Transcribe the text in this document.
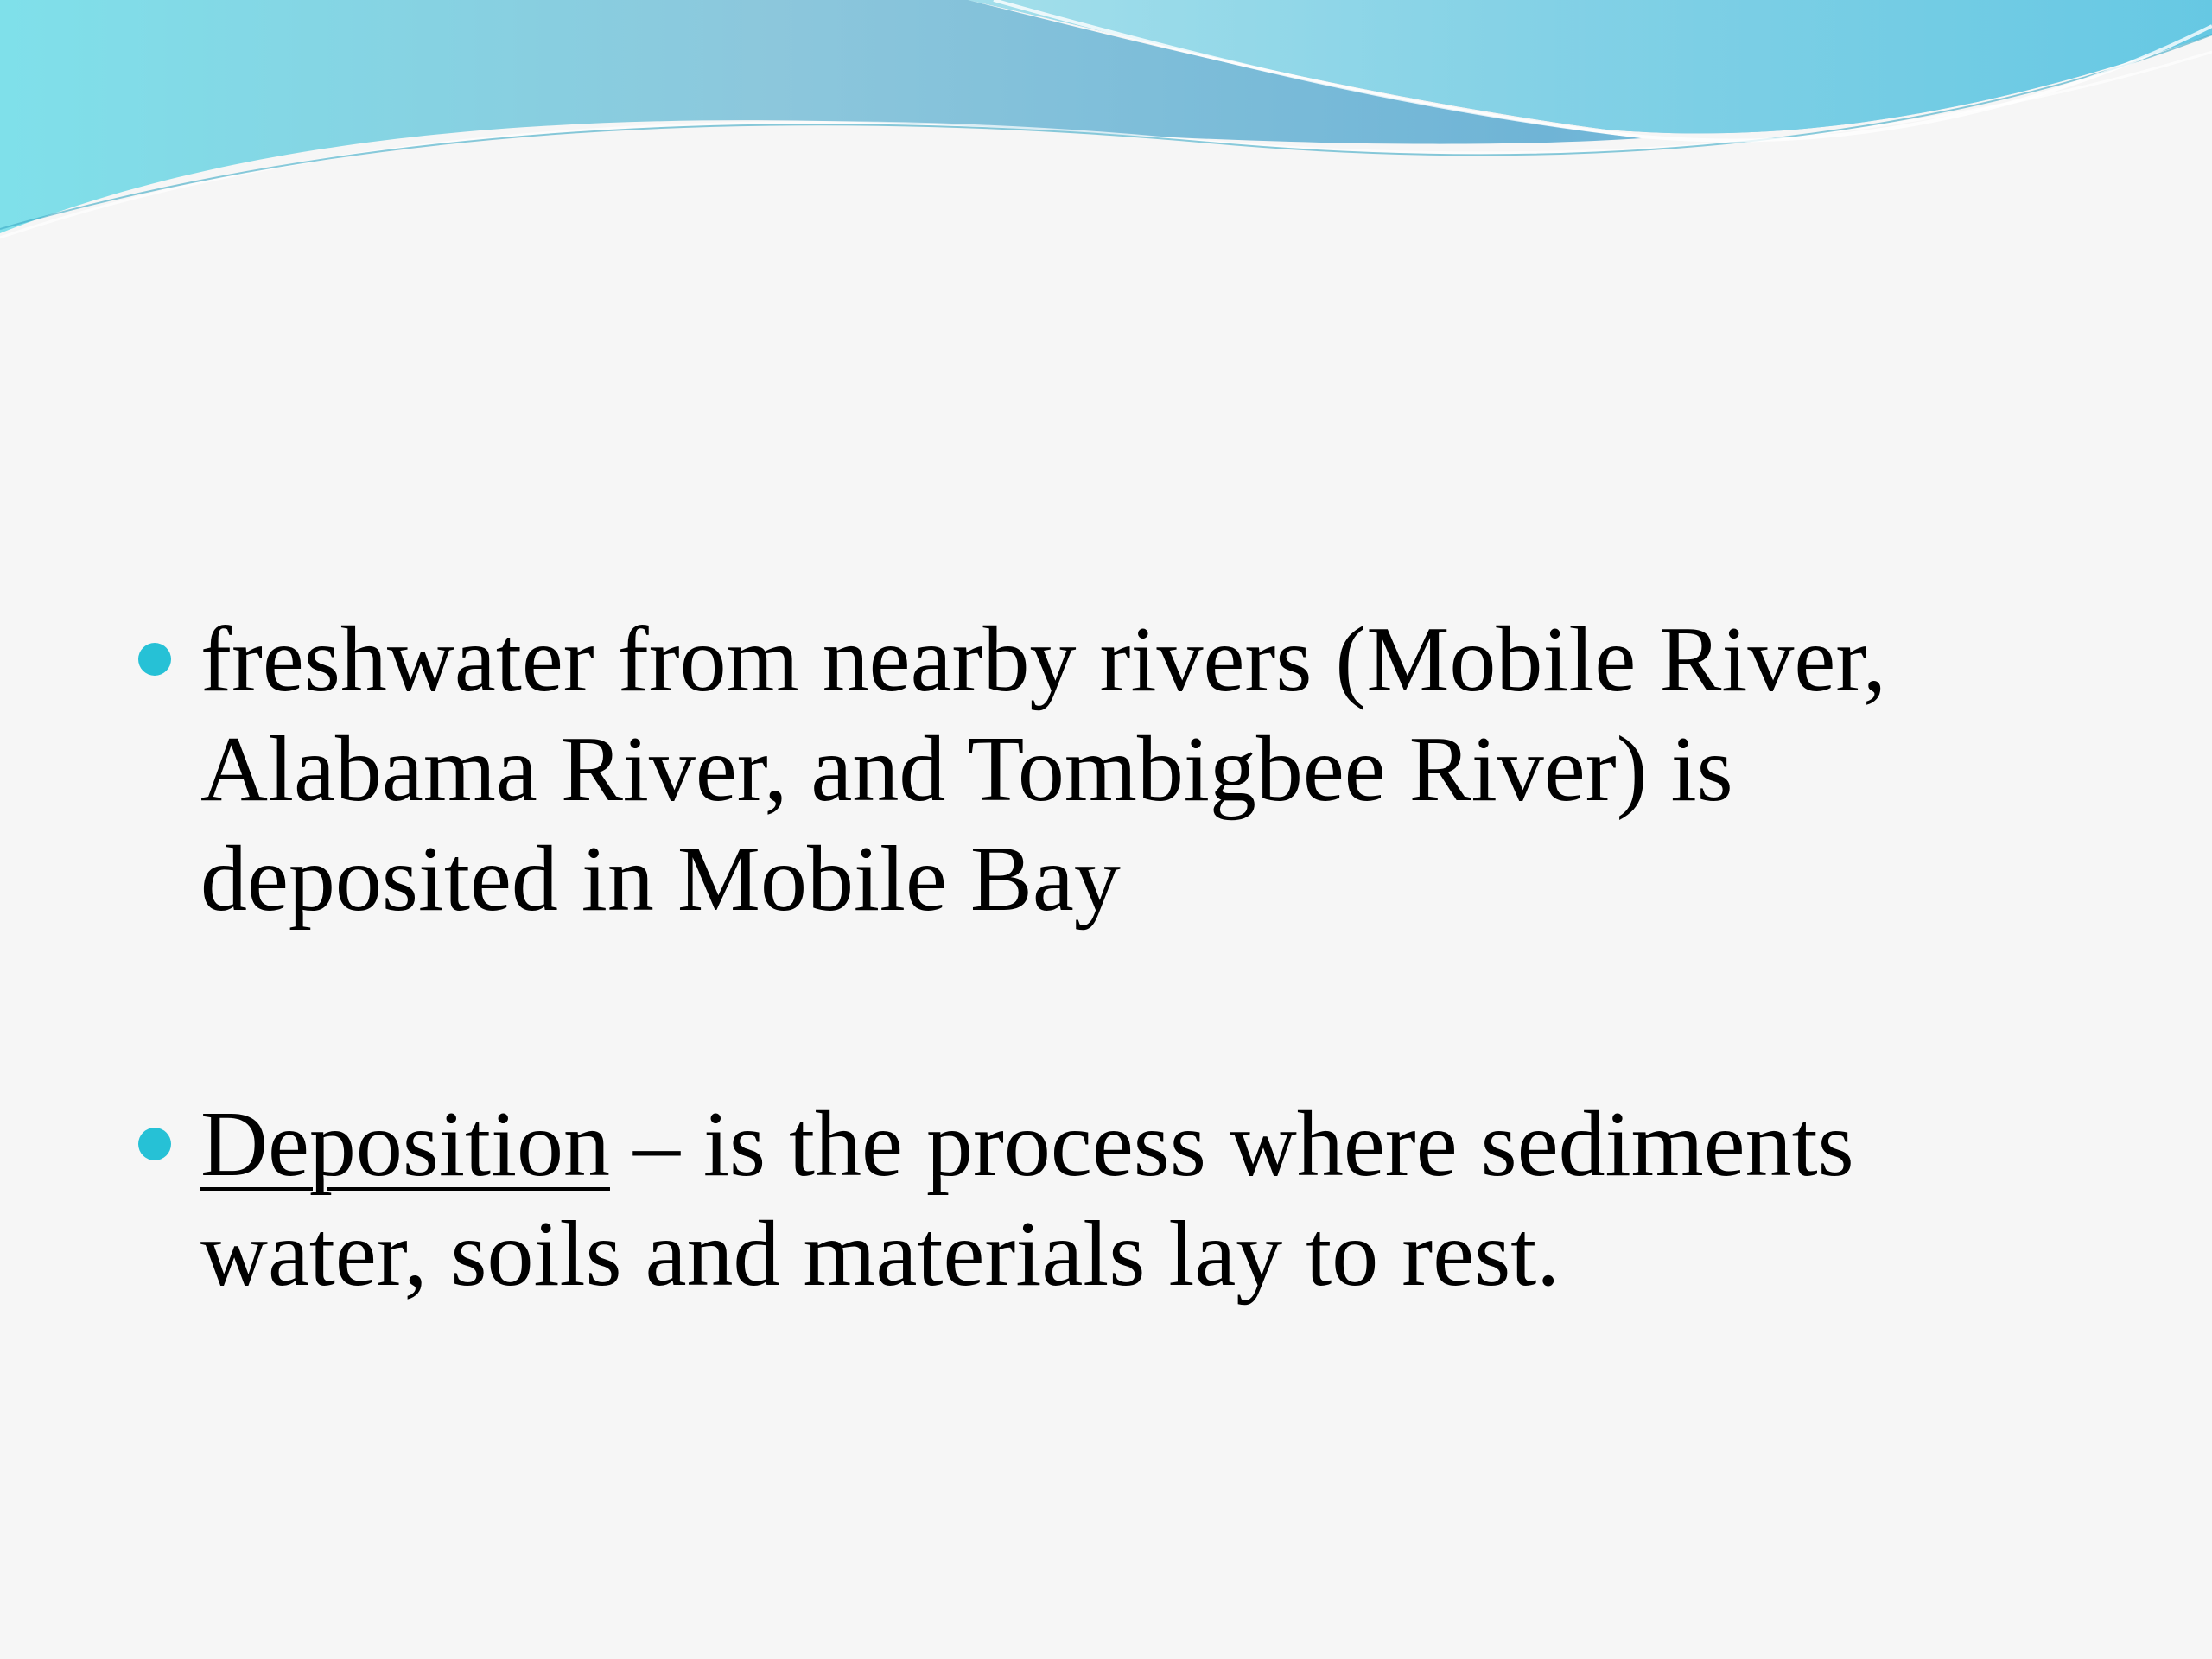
freshwater from nearby rivers (Mobile River, Alabama River, and Tombigbee River) is deposited in Mobile Bay
Deposition – is the process where sediments water, soils and materials lay to rest.
